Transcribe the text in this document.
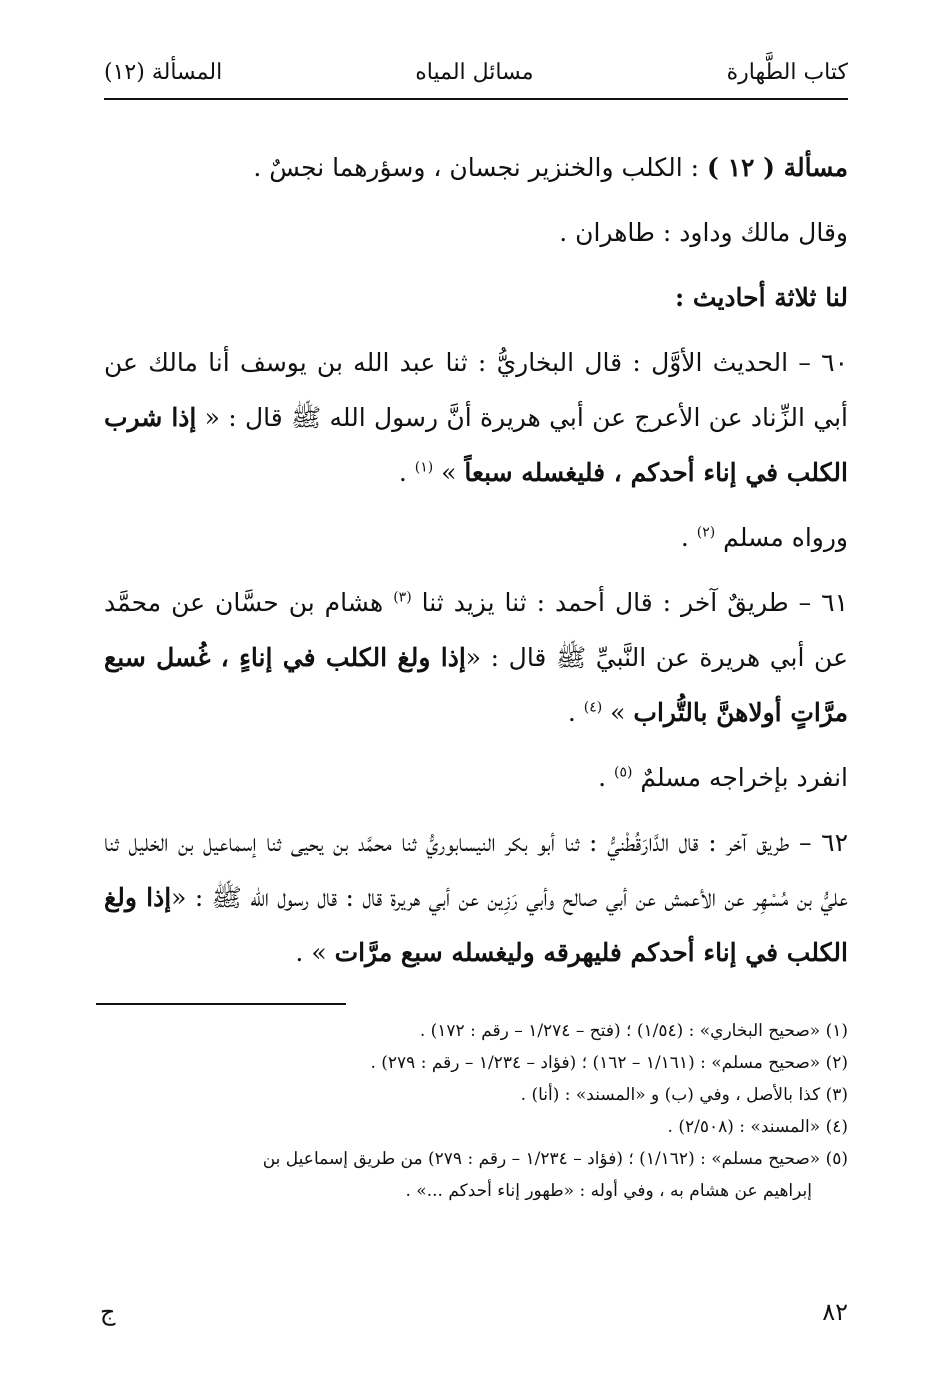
كتاب الطَّهارة
مسائل المياه
المسألة (١٢)

مسألة ( ١٢ ) : الكلب والخنزير نجسان ، وسؤرهما نجسٌ .

وقال مالك وداود : طاهران .

لنا ثلاثة أحاديث :

٦٠ – الحديث الأوَّل : قال البخاريُّ : ثنا عبد الله بن يوسف أنا مالك عن أبي الزِّناد عن الأعرج عن أبي هريرة أنَّ رسول الله ﷺ قال : « إذا شرب الكلب في إناء أحدكم ، فليغسله سبعاً » $^{(١)}$ .

ورواه مسلم $^{(٢)}$ .

٦١ – طريقٌ آخر : قال أحمد : ثنا يزيد ثنا $^{(٣)}$ هشام بن حسَّان عن محمَّد عن أبي هريرة عن النَّبيِّ ﷺ قال : «إذا ولغ الكلب في إناءٍ ، غُسل سبع مرَّاتٍ أولاهنَّ بالتُّراب » $^{(٤)}$ .

انفرد بإخراجه مسلمٌ $^{(٥)}$ .

٦٢ – طريق آخر : قال الدَّارَقُطْنيُّ : ثنا أبو بكر النيسابوريُّ ثنا محمَّد بن يحيى ثنا إسماعيل بن الخليل ثنا عليُّ بن مُسْهِر عن الأعمش عن أبي صالح وأبي رَزِين عن أبي هريرة قال : قال رسول الله ﷺ : «إذا ولغ الكلب في إناء أحدكم فليهرقه وليغسله سبع مرَّات » .

(١) «صحيح البخاري» : (١/٥٤) ؛ (فتح – ١/٢٧٤ – رقم : ١٧٢) .

(٢) «صحيح مسلم» : (١/١٦١ – ١٦٢) ؛ (فؤاد – ١/٢٣٤ – رقم : ٢٧٩) .

(٣) كذا بالأصل ، وفي (ب) و «المسند» : (أنا) .

(٤) «المسند» : (٢/٥٠٨) .

(٥) «صحيح مسلم» : (١/١٦٢) ؛ (فؤاد – ١/٢٣٤ – رقم : ٢٧٩) من طريق إسماعيل بن

إبراهيم عن هشام به ، وفي أوله : «طهور إناء أحدكم ...» .

٨٢
ج
